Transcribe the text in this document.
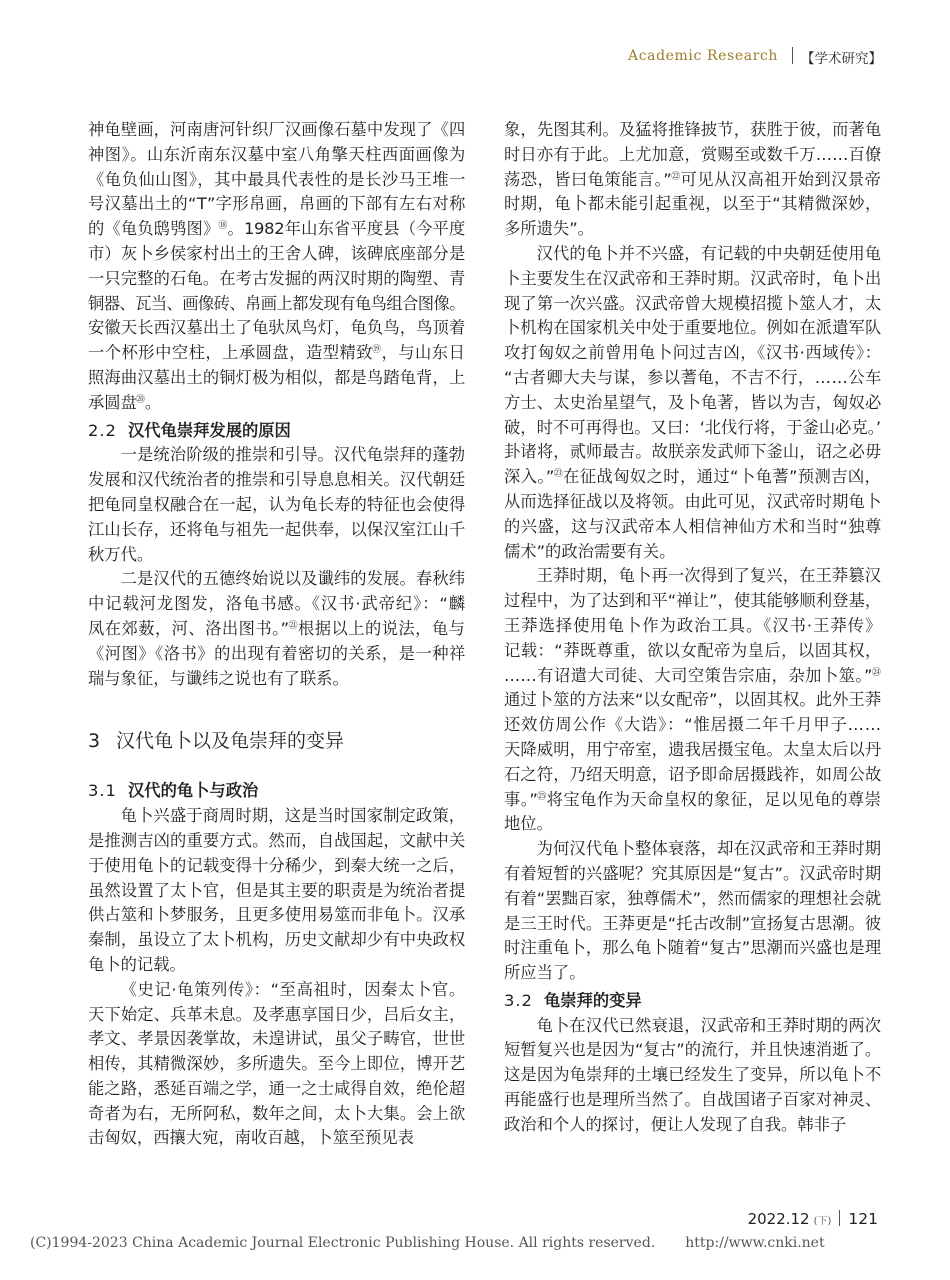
Academic Research 【学术研究】
神龟壁画，河南唐河针织厂汉画像石墓中发现了《四
神图》。山东沂南东汉墓中室八角擎天柱西面画像为
《龟负仙山图》，其中最具代表性的是长沙马王堆一
号汉墓出土的“T”字形帛画，帛画的下部有左右对称
的《龟负鸱鸮图》⑱。1982年山东省平度县（今平度
市）灰卜乡侯家村出土的王舍人碑，该碑底座部分是
一只完整的石龟。在考古发掘的两汉时期的陶塑、青
铜器、瓦当、画像砖、帛画上都发现有龟鸟组合图像。
安徽天长西汉墓出土了龟驮凤鸟灯，龟负鸟，鸟顶着
一个杯形中空柱，上承圆盘，造型精致⑲，与山东日
照海曲汉墓出土的铜灯极为相似，都是鸟踏龟背，上
承圆盘⑳。
2.2 汉代龟崇拜发展的原因
一是统治阶级的推崇和引导。汉代龟崇拜的蓬勃
发展和汉代统治者的推崇和引导息息相关。汉代朝廷
把龟同皇权融合在一起，认为龟长寿的特征也会使得
江山长存，还将龟与祖先一起供奉，以保汉室江山千
秋万代。
二是汉代的五德终始说以及谶纬的发展。春秋纬
中记载河龙图发，洛龟书感。《汉书·武帝纪》：“麟
凤在郊薮，河、洛出图书。”$^㉑$根据以上的说法，龟与
《河图》《洛书》的出现有着密切的关系，是一种祥
瑞与象征，与谶纬之说也有了联系。
3 汉代龟卜以及龟崇拜的变异
3.1 汉代的龟卜与政治
龟卜兴盛于商周时期，这是当时国家制定政策，
是推测吉凶的重要方式。然而，自战国起，文献中关
于使用龟卜的记载变得十分稀少，到秦大统一之后，
虽然设置了太卜官，但是其主要的职责是为统治者提
供占筮和卜梦服务，且更多使用易筮而非龟卜。汉承
秦制，虽设立了太卜机构，历史文献却少有中央政权
龟卜的记载。
《史记·龟策列传》：“至高祖时，因秦太卜官。
天下始定、兵革未息。及孝惠享国日少，吕后女主，
孝文、孝景因袭掌故，未遑讲试，虽父子畴官，世世
相传，其精微深妙，多所遗失。至今上即位，博开艺
能之路，悉延百端之学，通一之士咸得自效，绝伦超
奇者为右，无所阿私，数年之间，太卜大集。会上欲
击匈奴，西攘大宛，南收百越，卜筮至预见表
象，先图其利。及猛将推锋披节，获胜于彼，而著龟
时日亦有于此。上尤加意，赏赐至或数千万……百僚
荡恐，皆曰龟策能言。”$^㉒$可见从汉高祖开始到汉景帝
时期，龟卜都未能引起重视，以至于“其精微深妙，
多所遗失”。
汉代的龟卜并不兴盛，有记载的中央朝廷使用龟
卜主要发生在汉武帝和王莽时期。汉武帝时，龟卜出
现了第一次兴盛。汉武帝曾大规模招揽卜筮人才，太
卜机构在国家机关中处于重要地位。例如在派遣军队
攻打匈奴之前曾用龟卜问过吉凶，《汉书·西域传》：
“古者卿大夫与谋，参以蓍龟，不吉不行，……公车
方士、太史治星望气，及卜龟著，皆以为吉，匈奴必
破，时不可再得也。又曰：‘北伐行将，于釜山必克。’
卦诸将，贰师最吉。故朕亲发武师下釜山，诏之必毋
深入。”$^㉓$在征战匈奴之时，通过“卜龟蓍”预测吉凶，
从而选择征战以及将领。由此可见，汉武帝时期龟卜
的兴盛，这与汉武帝本人相信神仙方术和当时“独尊
儒术”的政治需要有关。
王莽时期，龟卜再一次得到了复兴，在王莽篡汉
过程中，为了达到和平“禅让”，使其能够顺利登基，
王莽选择使用龟卜作为政治工具。《汉书·王莽传》
记载：“莽既尊重，欲以女配帝为皇后，以固其权，
……有诏遣大司徒、大司空策告宗庙，杂加卜筮。”$^㉔$
通过卜筮的方法来“以女配帝”，以固其权。此外王莽
还效仿周公作《大诰》：“惟居摄二年千月甲子……
天降威明，用宁帝室，遗我居摄宝龟。太皇太后以丹
石之符，乃绍天明意，诏予即命居摄践祚，如周公故
事。”$^㉕$将宝龟作为天命皇权的象征，足以见龟的尊崇
地位。
为何汉代龟卜整体衰落，却在汉武帝和王莽时期
有着短暂的兴盛呢？究其原因是“复古”。汉武帝时期
有着“罢黜百家，独尊儒术”，然而儒家的理想社会就
是三王时代。王莽更是“托古改制”宣扬复古思潮。彼
时注重龟卜，那么龟卜随着“复古”思潮而兴盛也是理
所应当了。
3.2 龟崇拜的变异
龟卜在汉代已然衰退，汉武帝和王莽时期的两次
短暂复兴也是因为“复古”的流行，并且快速消逝了。
这是因为龟崇拜的土壤已经发生了变异，所以龟卜不
再能盛行也是理所当然了。自战国诸子百家对神灵、
政治和个人的探讨，便让人发现了自我。韩非子
2022.12 (下) 121
(C)1994-2023 China Academic Journal Electronic Publishing House. All rights reserved. http://www.cnki.net
